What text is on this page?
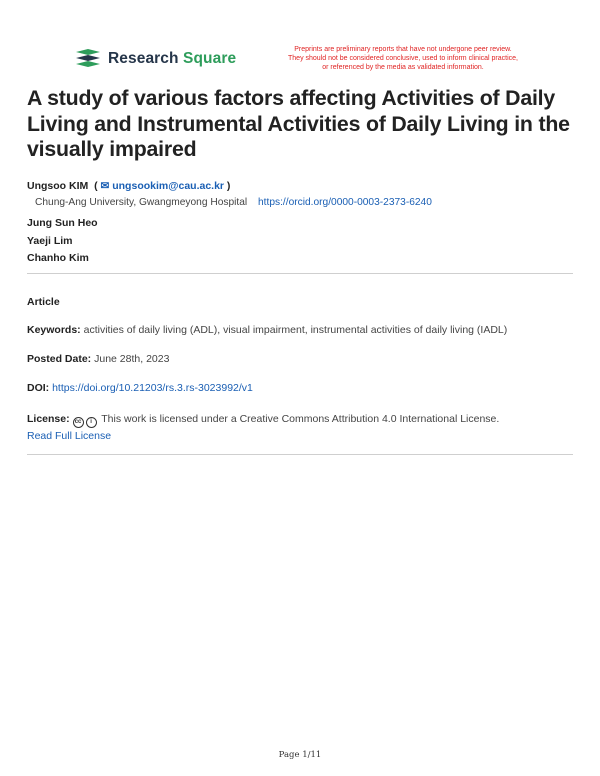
Research Square
Preprints are preliminary reports that have not undergone peer review.
They should not be considered conclusive, used to inform clinical practice,
or referenced by the media as validated information.
A study of various factors affecting Activities of Daily Living and Instrumental Activities of Daily Living in the visually impaired
Ungsoo KIM  ( ✉ ungsookim@cau.ac.kr )
Chung-Ang University, Gwangmeyong Hospital https://orcid.org/0000-0003-2373-6240
Jung Sun Heo
Yaeji Lim
Chanho Kim
Article
Keywords: activities of daily living (ADL), visual impairment, instrumental activities of daily living (IADL)
Posted Date: June 28th, 2023
DOI: https://doi.org/10.21203/rs.3.rs-3023992/v1
License: cc i This work is licensed under a Creative Commons Attribution 4.0 International License.
Read Full License
Page 1/11
